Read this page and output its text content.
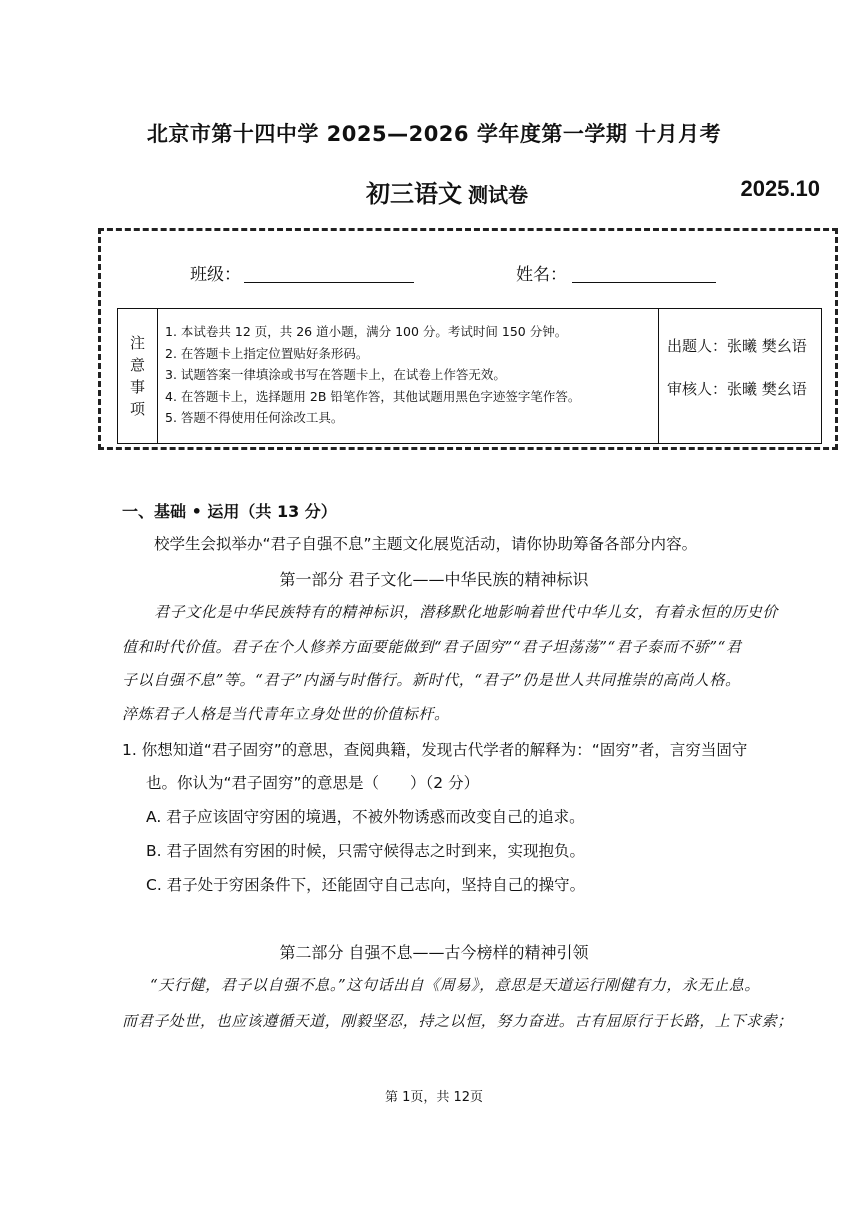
北京市第十四中学 2025—2026 学年度第一学期 十月月考
初三语文 测试卷	2025.10
班级：	姓名：
注
意
事
项
1. 本试卷共 12 页，共 26 道小题，满分 100 分。考试时间 150 分钟。
2. 在答题卡上指定位置贴好条形码。
3. 试题答案一律填涂或书写在答题卡上，在试卷上作答无效。
4. 在答题卡上，选择题用 2B 铅笔作答，其他试题用黑色字迹签字笔作答。
5. 答题不得使用任何涂改工具。
出题人：张曦 樊幺语
审核人：张曦 樊幺语
一、基础 • 运用（共 13 分）
校学生会拟举办“君子自强不息”主题文化展览活动，请你协助筹备各部分内容。
第一部分 君子文化——中华民族的精神标识
君子文化是中华民族特有的精神标识，潜移默化地影响着世代中华儿女，有着永恒的历史价
值和时代价值。君子在个人修养方面要能做到“君子固穷”“君子坦荡荡”“君子泰而不骄”“君
子以自强不息”等。“君子”内涵与时偕行。新时代，“君子”仍是世人共同推崇的高尚人格。
淬炼君子人格是当代青年立身处世的价值标杆。
1. 你想知道“君子固穷”的意思，查阅典籍，发现古代学者的解释为：“固穷”者，言穷当固守
也。你认为“君子固穷”的意思是（　　）（2 分）
A. 君子应该固守穷困的境遇，不被外物诱惑而改变自己的追求。
B. 君子固然有穷困的时候，只需守候得志之时到来，实现抱负。
C. 君子处于穷困条件下，还能固守自己志向，坚持自己的操守。
第二部分 自强不息——古今榜样的精神引领
“天行健，君子以自强不息。”这句话出自《周易》，意思是天道运行刚健有力，永无止息。
而君子处世，也应该遵循天道，刚毅坚忍，持之以恒，努力奋进。古有屈原行于长路，上下求索；
第 1页，共 12页
